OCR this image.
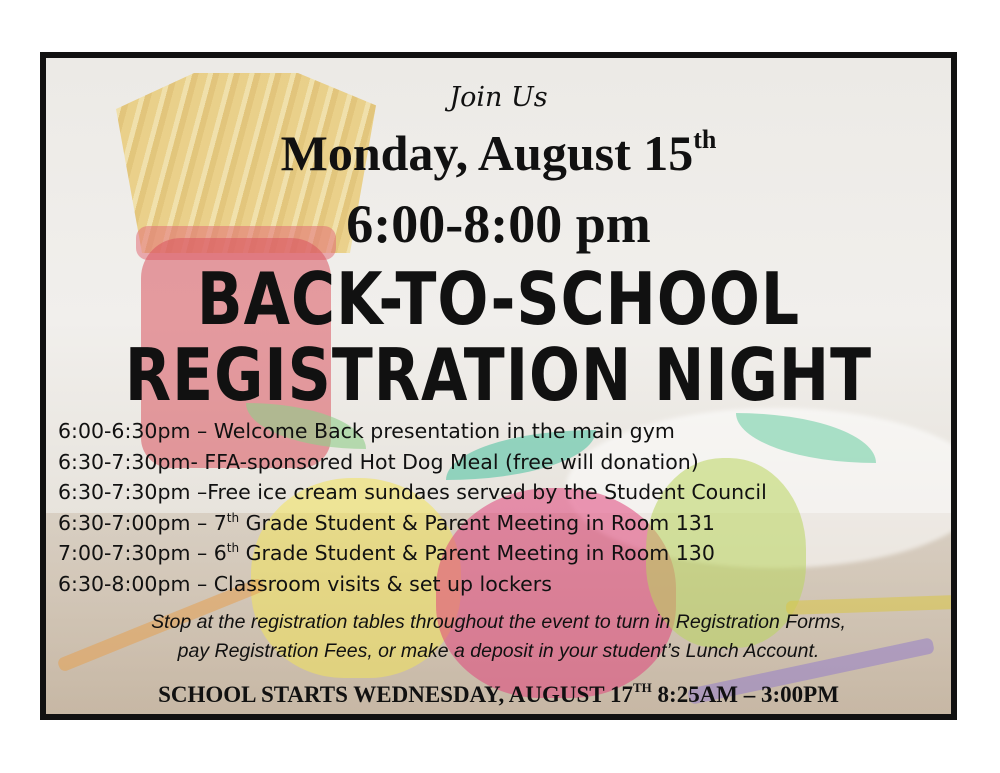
Join Us
Monday, August 15th
6:00-8:00 pm
BACK-TO-SCHOOL
REGISTRATION NIGHT
6:00-6:30pm – Welcome Back presentation in the main gym
6:30-7:30pm- FFA-sponsored Hot Dog Meal (free will donation)
6:30-7:30pm –Free ice cream sundaes served by the Student Council
6:30-7:00pm – 7th Grade Student & Parent Meeting in Room 131
7:00-7:30pm – 6th Grade Student & Parent Meeting in Room 130
6:30-8:00pm – Classroom visits & set up lockers
Stop at the registration tables throughout the event to turn in Registration Forms,
pay Registration Fees, or make a deposit in your student’s Lunch Account.
SCHOOL STARTS WEDNESDAY, AUGUST 17TH 8:25AM – 3:00PM
